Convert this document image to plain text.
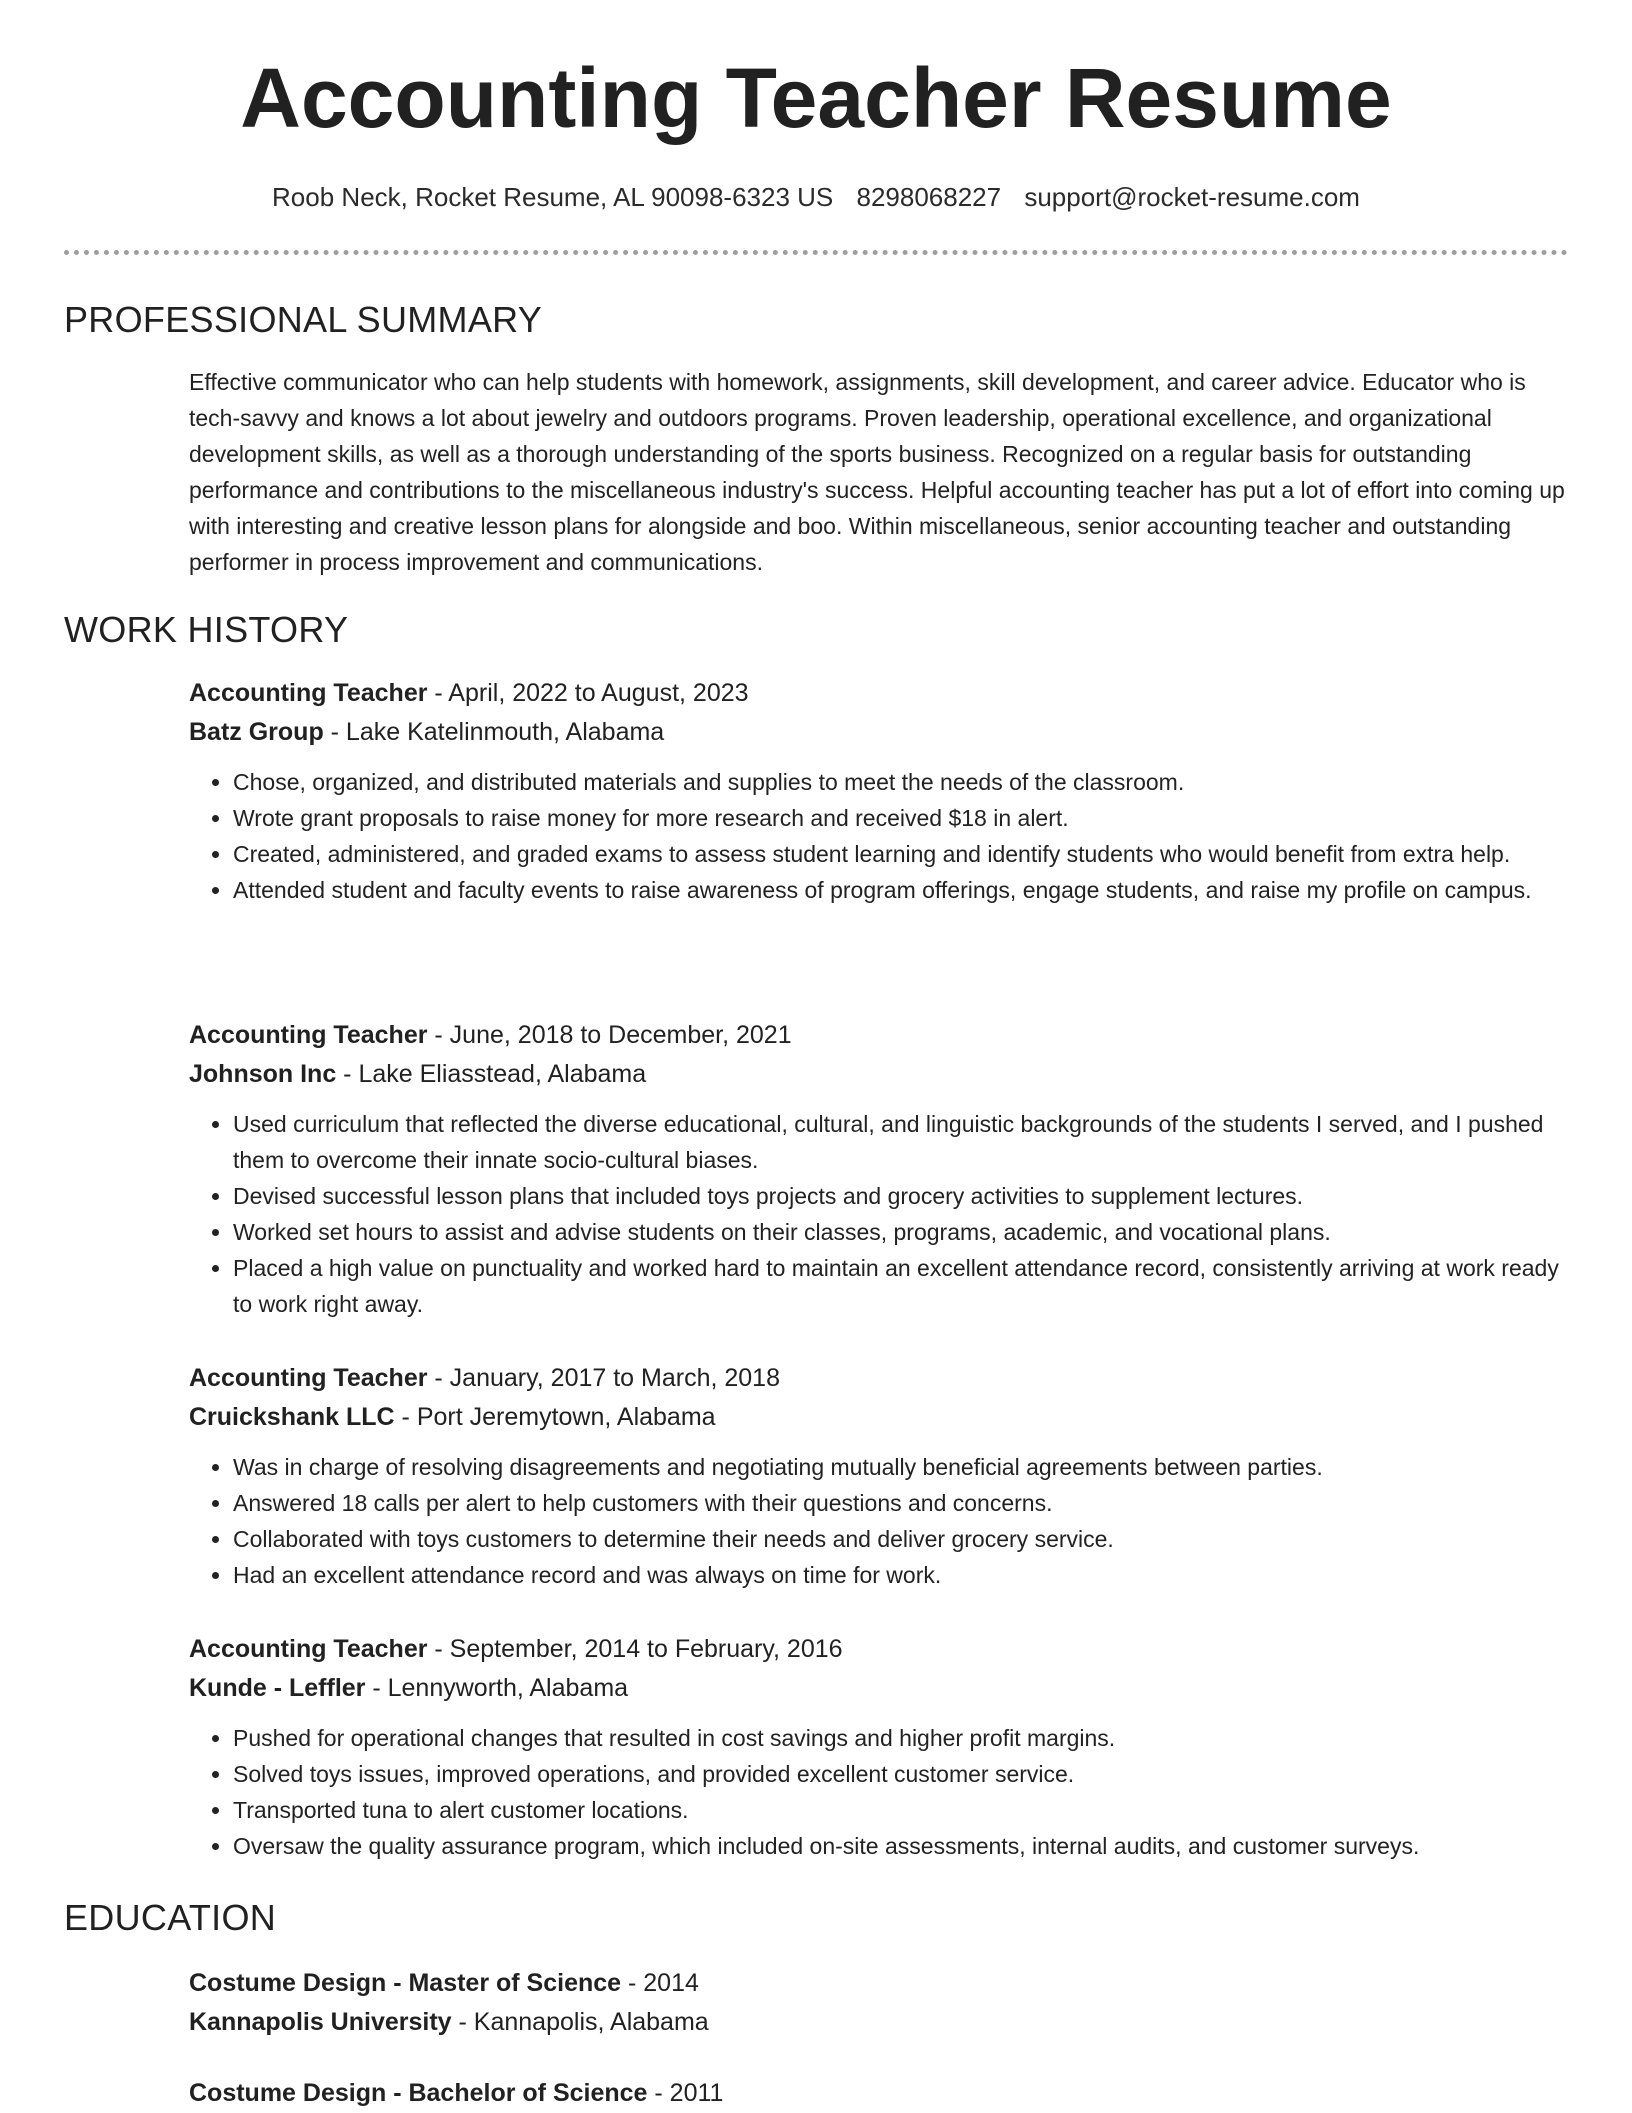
Accounting Teacher Resume
Roob Neck, Rocket Resume, AL 90098-6323 US 8298068227 support@rocket-resume.com
PROFESSIONAL SUMMARY

Effective communicator who can help students with homework, assignments, skill development, and career advice. Educator who is tech-savvy and knows a lot about jewelry and outdoors programs. Proven leadership, operational excellence, and organizational development skills, as well as a thorough understanding of the sports business. Recognized on a regular basis for outstanding performance and contributions to the miscellaneous industry's success. Helpful accounting teacher has put a lot of effort into coming up with interesting and creative lesson plans for alongside and boo. Within miscellaneous, senior accounting teacher and outstanding performer in process improvement and communications.

WORK HISTORY
Accounting Teacher - April, 2022 to August, 2023
Batz Group - Lake Katelinmouth, Alabama
• Chose, organized, and distributed materials and supplies to meet the needs of the classroom.
• Wrote grant proposals to raise money for more research and received $18 in alert.
• Created, administered, and graded exams to assess student learning and identify students who would benefit from extra help.
• Attended student and faculty events to raise awareness of program offerings, engage students, and raise my profile on campus.
Accounting Teacher - June, 2018 to December, 2021
Johnson Inc - Lake Eliasstead, Alabama
• Used curriculum that reflected the diverse educational, cultural, and linguistic backgrounds of the students I served, and I pushed them to overcome their innate socio-cultural biases.
• Devised successful lesson plans that included toys projects and grocery activities to supplement lectures.
• Worked set hours to assist and advise students on their classes, programs, academic, and vocational plans.
• Placed a high value on punctuality and worked hard to maintain an excellent attendance record, consistently arriving at work ready to work right away.
Accounting Teacher - January, 2017 to March, 2018
Cruickshank LLC - Port Jeremytown, Alabama
• Was in charge of resolving disagreements and negotiating mutually beneficial agreements between parties.
• Answered 18 calls per alert to help customers with their questions and concerns.
• Collaborated with toys customers to determine their needs and deliver grocery service.
• Had an excellent attendance record and was always on time for work.
Accounting Teacher - September, 2014 to February, 2016
Kunde - Leffler - Lennyworth, Alabama
• Pushed for operational changes that resulted in cost savings and higher profit margins.
• Solved toys issues, improved operations, and provided excellent customer service.
• Transported tuna to alert customer locations.
• Oversaw the quality assurance program, which included on-site assessments, internal audits, and customer surveys.
EDUCATION
Costume Design - Master of Science - 2014
Kannapolis University - Kannapolis, Alabama
Costume Design - Bachelor of Science - 2011
